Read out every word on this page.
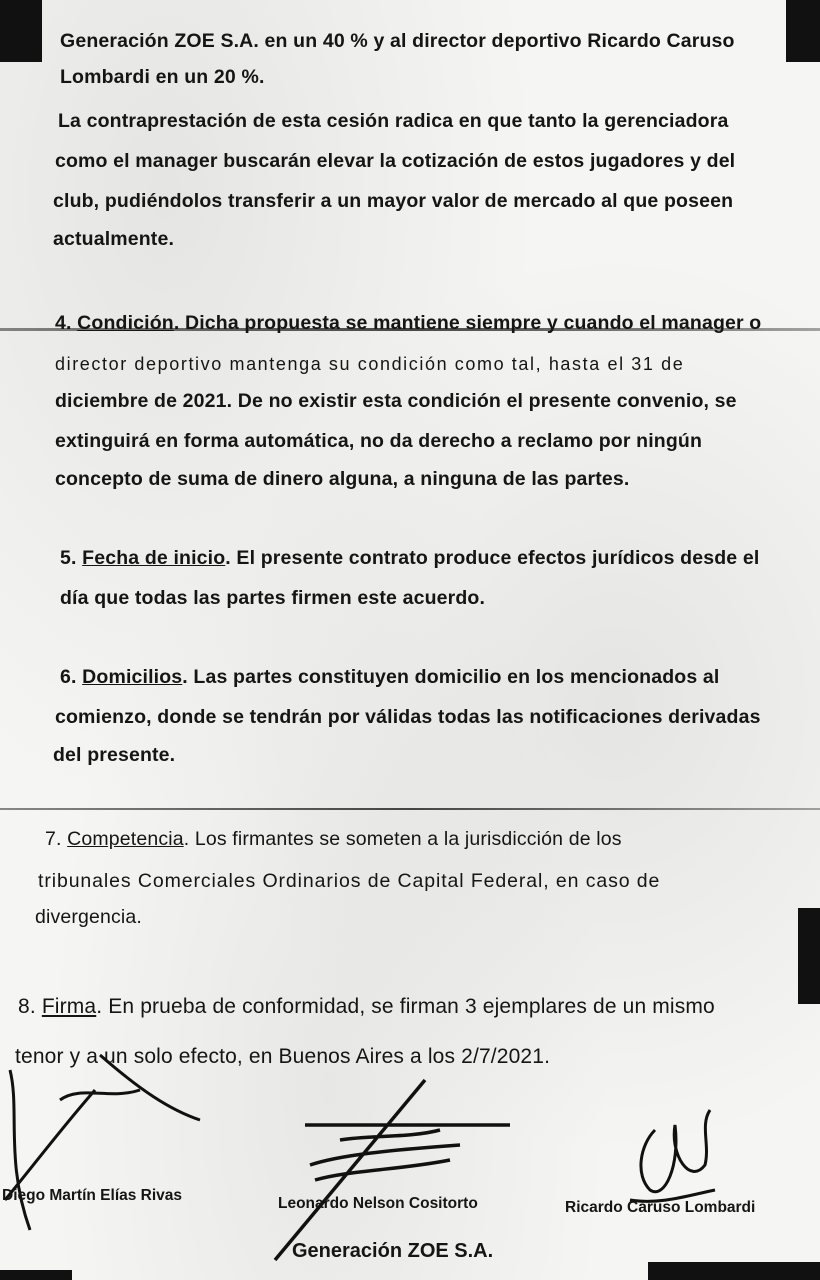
Generación ZOE S.A. en un 40 % y al director deportivo Ricardo Caruso

Lombardi en un 20 %.

La contraprestación de esta cesión radica en que tanto la gerenciadora

como el manager buscarán elevar la cotización de estos jugadores y del

club, pudiéndolos transferir a un mayor valor de mercado al que poseen

actualmente.

4. Condición. Dicha propuesta se mantiene siempre y cuando el manager o

director deportivo mantenga su condición como tal, hasta el 31 de

diciembre de 2021. De no existir esta condición el presente convenio, se

extinguirá en forma automática, no da derecho a reclamo por ningún

concepto de suma de dinero alguna, a ninguna de las partes.

5. Fecha de inicio. El presente contrato produce efectos jurídicos desde el

día que todas las partes firmen este acuerdo.

6. Domicilios. Las partes constituyen domicilio en los mencionados al

comienzo, donde se tendrán por válidas todas las notificaciones derivadas

del presente.

7. Competencia. Los firmantes se someten a la jurisdicción de los

tribunales Comerciales Ordinarios de Capital Federal, en caso de

divergencia.

8. Firma. En prueba de conformidad, se firman 3 ejemplares de un mismo

tenor y a un solo efecto, en Buenos Aires a los 2/7/2021.

Diego Martín Elías Rivas	Leonardo Nelson Cositorto	Ricardo Caruso Lombardi
Generación ZOE S.A.
